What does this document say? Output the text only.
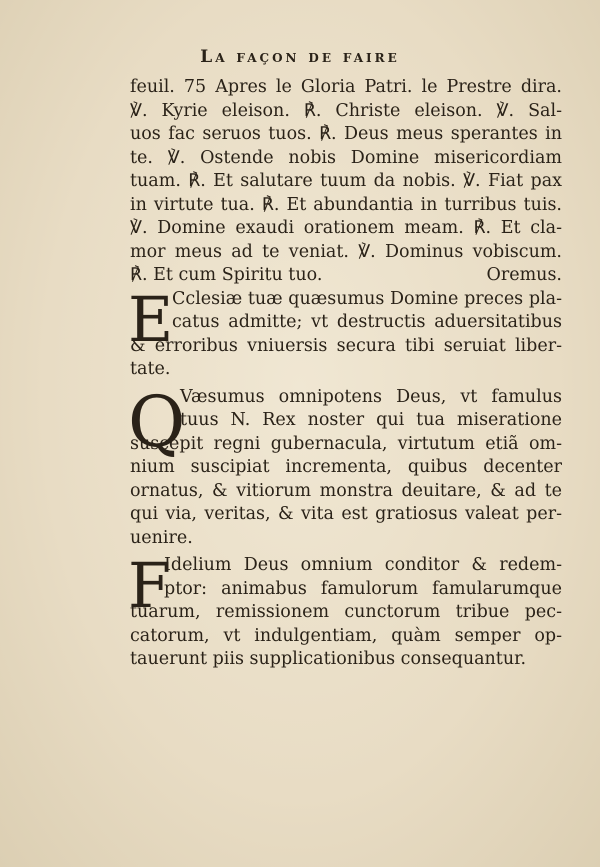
La façon de faire
feuil. 75 Apres le Gloria Patri. le Prestre dira.
℣. Kyrie eleison. ℟. Christe eleison. ℣. Sal-
uos fac seruos tuos. ℟. Deus meus sperantes in
te. ℣. Ostende nobis Domine misericordiam
tuam. ℟. Et salutare tuum da nobis. ℣. Fiat pax
in virtute tua. ℟. Et abundantia in turribus tuis.
℣. Domine exaudi orationem meam. ℟. Et cla-
mor meus ad te veniat. ℣. Dominus vobiscum.
℟. Et cum Spiritu tuo.	Oremus.
E
Cclesiæ tuæ quæsumus Domine preces pla-
catus admitte; vt destructis aduersitatibus
& erroribus vniuersis secura tibi seruiat liber-
tate.
Q
Væsumus omnipotens Deus, vt famulus
tuus N. Rex noster qui tua miseratione
suscepit regni gubernacula, virtutum etiã om-
nium suscipiat incrementa, quibus decenter
ornatus, & vitiorum monstra deuitare, & ad te
qui via, veritas, & vita est gratiosus valeat per-
uenire.
F
Idelium Deus omnium conditor & redem-
ptor: animabus famulorum famularumque
tuarum, remissionem cunctorum tribue pec-
catorum, vt indulgentiam, quàm semper op-
tauerunt piis supplicationibus consequantur.
